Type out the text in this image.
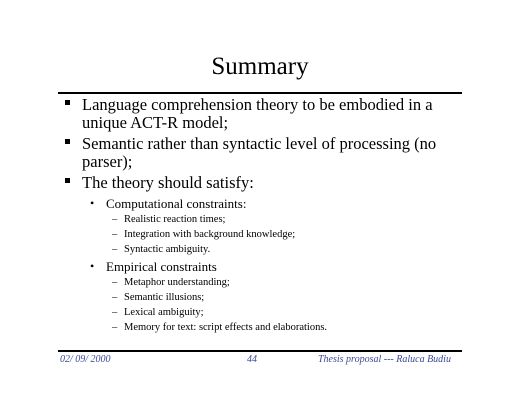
Summary
Language comprehension theory to be embodied in a unique ACT-R model;
Semantic rather than syntactic level of processing (no parser);
The theory should satisfy:
• Computational constraints:
– Realistic reaction times;
– Integration with background knowledge;
– Syntactic ambiguity.
• Empirical constraints
– Metaphor understanding;
– Semantic illusions;
– Lexical ambiguity;
– Memory for text: script effects and elaborations.
02/ 09/ 2000	44	Thesis proposal --- Raluca Budiu
